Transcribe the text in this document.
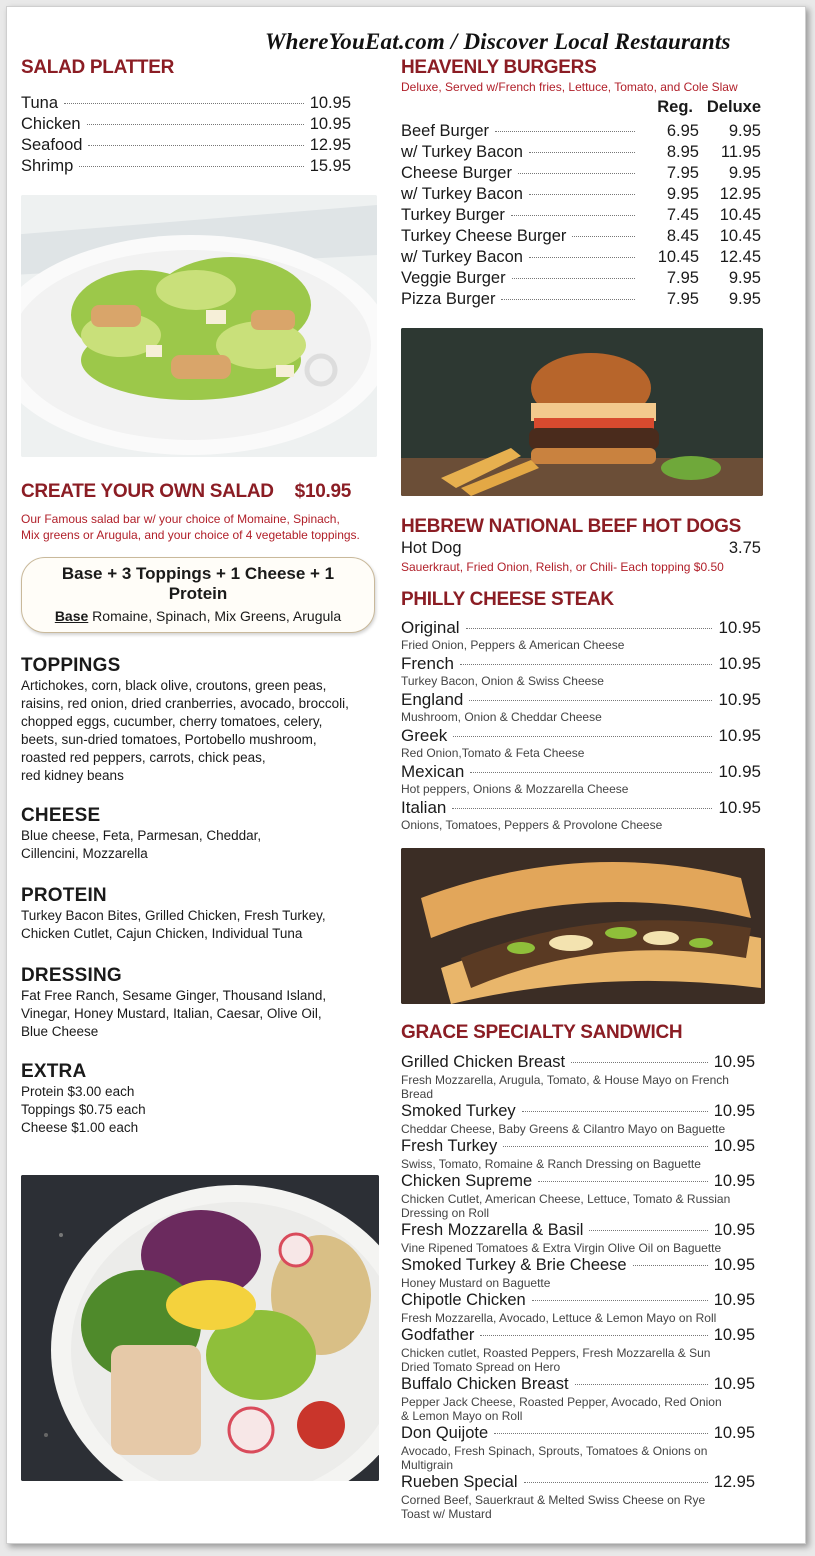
WhereYouEat.com / Discover Local Restaurants
SALAD PLATTER
Tuna	10.95
Chicken	10.95
Seafood	12.95
Shrimp	15.95
CREATE YOUR OWN SALAD $10.95
Our Famous salad bar w/ your choice of Momaine, Spinach,
Mix greens or Arugula, and your choice of 4 vegetable toppings.
Base + 3 Toppings + 1 Cheese + 1 Protein
Base Romaine, Spinach, Mix Greens, Arugula
TOPPINGS
Artichokes, corn, black olive, croutons, green peas,
raisins, red onion, dried cranberries, avocado, broccoli,
chopped eggs, cucumber, cherry tomatoes, celery,
beets, sun-dried tomatoes, Portobello mushroom,
roasted red peppers, carrots, chick peas,
red kidney beans
CHEESE
Blue cheese, Feta, Parmesan, Cheddar,
Cillencini, Mozzarella
PROTEIN
Turkey Bacon Bites, Grilled Chicken, Fresh Turkey,
Chicken Cutlet, Cajun Chicken, Individual Tuna
DRESSING
Fat Free Ranch, Sesame Ginger, Thousand Island,
Vinegar, Honey Mustard, Italian, Caesar, Olive Oil,
Blue Cheese
EXTRA
Protein $3.00 each
Toppings $0.75 each
Cheese $1.00 each
HEAVENLY BURGERS
Deluxe, Served w/French fries, Lettuce, Tomato, and Cole Slaw
Reg. Deluxe
Beef Burger	6.95	9.95
w/ Turkey Bacon	8.95	11.95
Cheese Burger	7.95	9.95
w/ Turkey Bacon	9.95	12.95
Turkey Burger	7.45	10.45
Turkey Cheese Burger	8.45	10.45
w/ Turkey Bacon	10.45	12.45
Veggie Burger	7.95	9.95
Pizza Burger	7.95	9.95
HEBREW NATIONAL BEEF HOT DOGS
Hot Dog	3.75
Sauerkraut, Fried Onion, Relish, or Chili- Each topping $0.50
PHILLY CHEESE STEAK
Original	10.95
Fried Onion, Peppers & American Cheese
French	10.95
Turkey Bacon, Onion & Swiss Cheese
England	10.95
Mushroom, Onion & Cheddar Cheese
Greek	10.95
Red Onion,Tomato & Feta Cheese
Mexican	10.95
Hot peppers, Onions & Mozzarella Cheese
Italian	10.95
Onions, Tomatoes, Peppers & Provolone Cheese
GRACE SPECIALTY SANDWICH
Grilled Chicken Breast	10.95
Fresh Mozzarella, Arugula, Tomato, & House Mayo on French Bread
Smoked Turkey	10.95
Cheddar Cheese, Baby Greens & Cilantro Mayo on Baguette
Fresh Turkey	10.95
Swiss, Tomato, Romaine & Ranch Dressing on Baguette
Chicken Supreme	10.95
Chicken Cutlet, American Cheese, Lettuce, Tomato & Russian
Dressing on Roll
Fresh Mozzarella & Basil	10.95
Vine Ripened Tomatoes & Extra Virgin Olive Oil on Baguette
Smoked Turkey & Brie Cheese	10.95
Honey Mustard on Baguette
Chipotle Chicken	10.95
Fresh Mozzarella, Avocado, Lettuce & Lemon Mayo on Roll
Godfather	10.95
Chicken cutlet, Roasted Peppers, Fresh Mozzarella & Sun
Dried Tomato Spread on Hero
Buffalo Chicken Breast	10.95
Pepper Jack Cheese, Roasted Pepper, Avocado, Red Onion
& Lemon Mayo on Roll
Don Quijote	10.95
Avocado, Fresh Spinach, Sprouts, Tomatoes & Onions on Multigrain
Rueben Special	12.95
Corned Beef, Sauerkraut & Melted Swiss Cheese on Rye
Toast w/ Mustard
